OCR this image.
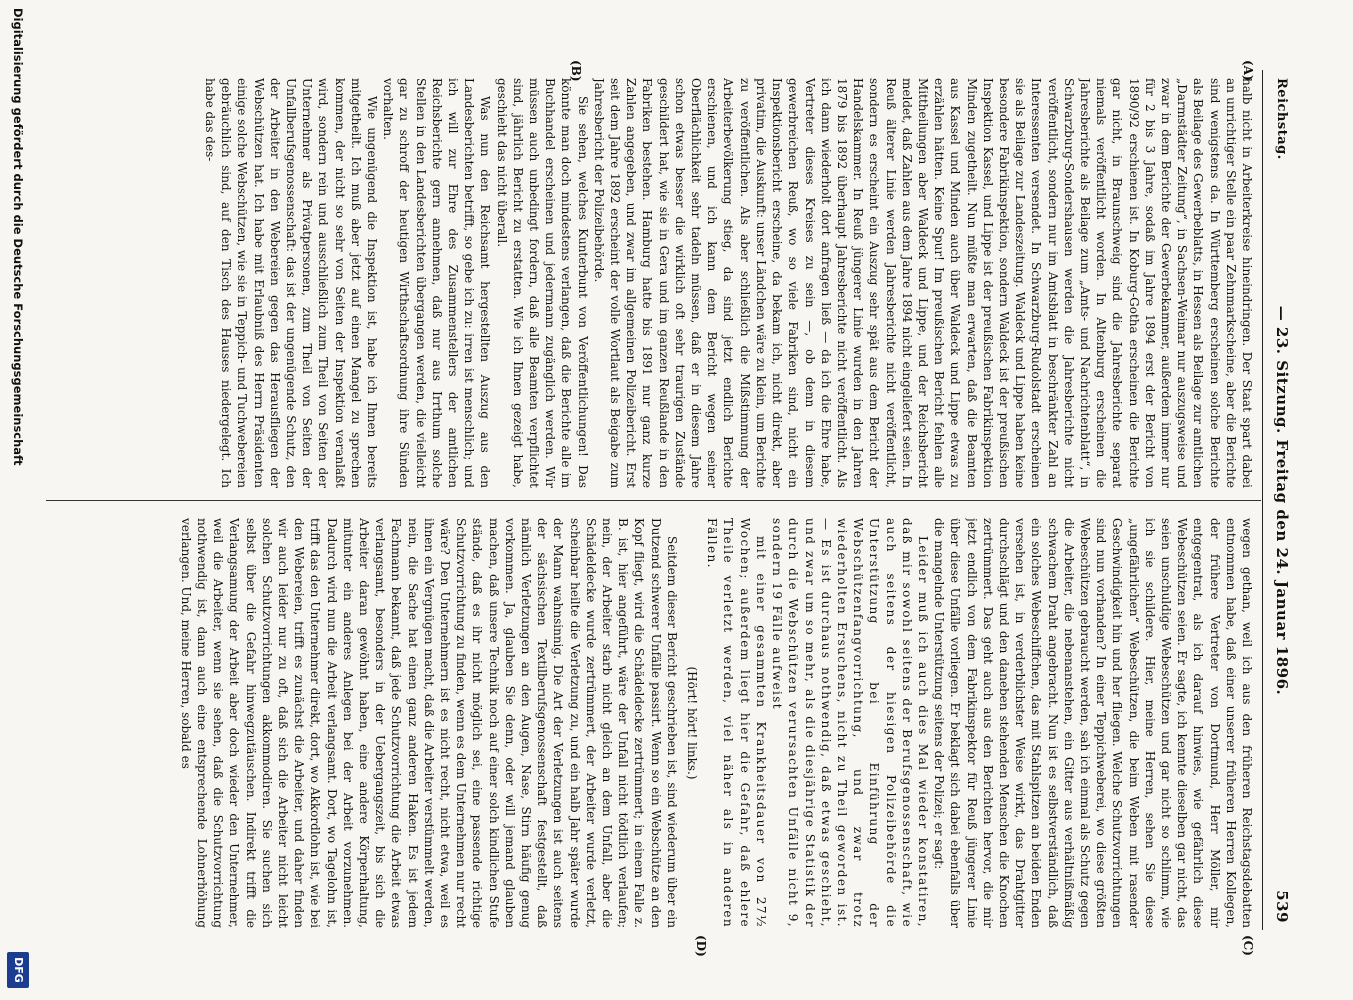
Reichstag.
— 23. Sitzung. Freitag den 24. Januar 1896.
539
(A)
(B)
(C)
(D)

halb nicht in Arbeiterkreise hineindringen. Der Staat spart dabei an unrichtiger Stelle ein paar Zehnmarkscheine, aber die Berichte sind wenigstens da. In Württemberg erscheinen solche Berichte als Beilage des Gewerbeblatts, in Hessen als Beilage zur amtlichen „Darmstädter Zeitung“, in Sachsen-Weimar nur auszugsweise und zwar in dem Berichte der Gewerbekammer, außerdem immer nur für 2 bis 3 Jahre, sodaß im Jahre 1894 erst der Bericht von 1890/92 erschienen ist. In Koburg-Gotha erscheinen die Berichte gar nicht, in Braunschweig sind die Jahresberichte separat niemals veröffentlicht worden. In Altenburg erscheinen die Jahresberichte als Beilage zum „Amts- und Nachrichtenblatt“, in Schwarzburg-Sondershausen werden die Jahresberichte nicht veröffentlicht, sondern nur im Amtsblatt in beschränkter Zahl an Interessenten versendet. In Schwarzburg-Rudolstadt erscheinen sie als Beilage zur Landeszeitung. Waldeck und Lippe haben keine besondere Fabrikinspektion, sondern Waldeck ist der preußischen Inspektion Kassel, und Lippe ist der preußischen Fabrikinspektion Minden zugetheilt. Nun müßte man erwarten, daß die Beamten aus Kassel und Minden auch über Waldeck und Lippe etwas zu erzählen hätten. Keine Spur! Im preußischen Bericht fehlen alle Mittheilungen aber Waldeck und Lippe, und der Reichsbericht meldet, daß Zahlen aus dem Jahre 1894 nicht eingeliefert seien. In Reuß älterer Linie werden Jahresberichte nicht veröffentlicht, sondern es erscheint ein Auszug sehr spät aus dem Bericht der Handelskammer. In Reuß jüngerer Linie wurden in den Jahren 1879 bis 1892 überhaupt Jahresberichte nicht veröffentlicht. Als ich dann wiederholt dort anfragen ließ — da ich die Ehre habe, Vertreter dieses Kreises zu sein —, ob denn in diesem gewerbreichen Reuß, wo so viele Fabriken sind, nicht ein Inspektionsbericht erscheine, da bekam ich, nicht direkt, aber privatim, die Auskunft: unser Ländchen wäre zu klein, um Berichte zu veröffentlichen. Als aber schließlich die Mißstimmung der Arbeiterbevölkerung stieg, da sind jetzt endlich Berichte erschienen, und ich kann dem Bericht wegen seiner Oberflächlichkeit sehr tadeln müssen, daß er in diesem Jahre schon etwas besser die wirklich oft sehr traurigen Zustände geschildert hat, wie sie in Gera und im ganzen Reußlande in den Fabriken bestehen. Hamburg hatte bis 1891 nur ganz kurze Zahlen angegeben, und zwar im allgemeinen Polizeibericht. Erst seit dem Jahre 1892 erscheint der volle Wortlaut als Beigabe zum Jahresbericht der Polizeibehörde.

Sie sehen, welches Kunterbunt von Veröffentlichungen! Das könnte man doch mindestens verlangen, daß die Berichte alle im Buchhandel erscheinen und jedermann zugänglich werden. Wir müssen auch unbedingt fordern, daß alle Beamten verpflichtet sind, jährlich Bericht zu erstatten. Wie ich Ihnen gezeigt habe, geschieht das nicht überall.

Was nun den Reichsamt hergestellten Auszug aus den Landesberichten betrifft, so gebe ich zu: irren ist menschlich; und ich will zur Ehre des Zusammenstellers der amtlichen Reichsberichte gern annehmen, daß nur aus Irrthum solche Stellen in den Landesberichten übergangen werden, die vielleicht gar zu schroff der heutigen Wirthschaftsordnung ihre Sünden vorhalten.

Wie ungenügend die Inspektion ist, habe ich Ihnen bereits mitgetheilt. Ich muß aber jetzt auf einen Mangel zu sprechen kommen, der nicht so sehr von Seiten der Inspektion veranlaßt wird, sondern rein und ausschließlich zum Theil von Seiten der Unternehmer als Privatpersonen, zum Theil von Seiten der Unfallberufsgenossenschaft: das ist der ungenügende Schutz, den der Arbeiter in den Webereien gegen das Herausfliegen der Webschützen hat. Ich habe mit Erlaubniß des Herrn Präsidenten einige solche Webschützen, wie sie in Teppich- und Tuchwebereien gebräuchlich sind, auf den Tisch des Hauses niedergelegt. Ich habe das des-

wegen gethan, weil ich aus den früheren Reichstagsdebatten entnommen habe, daß einer unserer früheren Herren Kollegen, der frühere Vertreter von Dortmund, Herr Möller, mir entgegentrat, als ich darauf hinwies, wie gefährlich diese Webeschützen seien. Er sagte, ich kennte dieselben gar nicht, das seien unschuldige Webeschützen und gar nicht so schlimm, wie ich sie schildere. Hier, meine Herren, sehen Sie diese „ungefährlichen“ Webeschützen, die beim Weben mit rasender Geschwindigkeit hin und her fliegen. Welche Schutzvorrichtungen sind nun vorhanden? In einer Teppichweberei, wo diese größten Webeschützen gebraucht werden, sah ich einmal als Schutz gegen die Arbeiter, die nebenanstehen, ein Gitter aus verhältnißmäßig schwachem Draht angebracht. Nun ist es selbstverständlich, daß ein solches Webeschiffchen, das mit Stahlspitzen an beiden Enden versehen ist, in verderblichster Weise wirkt, das Drahtgitter durchschlägt und den daneben stehenden Menschen die Knochen zertrümmert. Das geht auch aus den Berichten hervor, die mir jetzt endlich von dem Fabrikinspektor für Reuß jüngerer Linie über diese Unfälle vorliegen. Er beklagt sich dabei ebenfalls über die mangelnde Unterstützung seitens der Polizei; er sagt:

Leider muß ich auch dies Mal wieder konstatiren, daß mir sowohl seitens der Berufsgenossenschaft, wie auch seitens der hiesigen Polizeibehörde die Unterstützung bei Einführung der Webschützenfangvorrichtung, und zwar trotz wiederholten Ersuchens, nicht zu Theil geworden ist. — Es ist durchaus nothwendig, daß etwas geschieht, und zwar um so mehr, als die diesjährige Statistik der durch die Webschützen verursachten Unfälle nicht 9, sondern 19 Fälle aufweist

mit einer gesammten Krankheitsdauer von 27½ Wochen; außerdem liegt hier die Gefahr, daß ehlere Theile verletzt werden, viel näher als in anderen Fällen.

(Hört! hört! links.)

Seitdem dieser Bericht geschrieben ist, sind wiederum über ein Dutzend schwerer Unfälle passirt. Wenn so ein Webschütze an den Kopf fliegt, wird die Schädeldecke zertrümmert; in einem Falle z. B. ist, hier angeführt, wäre der Unfall nicht tödtlich verlaufen; nein, der Arbeiter starb nicht gleich an dem Unfall, aber die Schädeldecke wurde zertrümmert, der Arbeiter wurde verletzt, scheinbar heilte die Verletzung zu, und ein halb Jahr später wurde der Mann wahnsinnig. Die Art der Verletzungen ist auch seitens der sächsischen Textilberufsgenossenschaft festgestellt, daß nämlich Verletzungen an den Augen, Nase, Stirn häufig genug vorkommen. Ja, glauben Sie denn, oder will jemand glauben machen, daß unsere Technik noch auf einer solch kindlichen Stufe stände, daß es ihr nicht möglich sei, eine passende richtige Schutzvorrichtung zu finden, wenn es dem Unternehmen nur recht wäre? Den Unternehmern ist es nicht recht, nicht etwa, weil es ihnen ein Vergnügen macht, daß die Arbeiter verstümmelt werden, nein, die Sache hat einen ganz anderen Haken. Es ist jedem Fachmann bekannt, daß jede Schutzvorrichtung die Arbeit etwas verlangsamt, besonders in der Uebergangszeit, bis sich die Arbeiter daran gewöhnt haben, eine andere Körperhaltung, mitunter ein anderes Anlegen bei der Arbeit vorzunehmen. Dadurch wird nun die Arbeit verlangsamt. Dort, wo Tagelohn ist, trifft das den Unternehmer direkt, dort, wo Akkordlohn ist, wie bei den Webereien, trifft es zunächst die Arbeiter, und daher finden wir auch leider nur zu oft, daß sich die Arbeiter nicht leicht solchen Schutzvorrichtungen akkommodiren. Sie suchen sich selbst über die Gefahr hinwegzutäuschen. Indirekt trifft die Verlangsamung der Arbeit aber doch wieder den Unternehmer, weil die Arbeiter, wenn sie sehen, daß die Schutzvorrichtung nothwendig ist, dann auch eine entsprechende Lohnerhöhung verlangen. Und, meine Herren, sobald es

Digitalisierung gefördert durch die Deutsche Forschungsgemeinschaft
DFG
